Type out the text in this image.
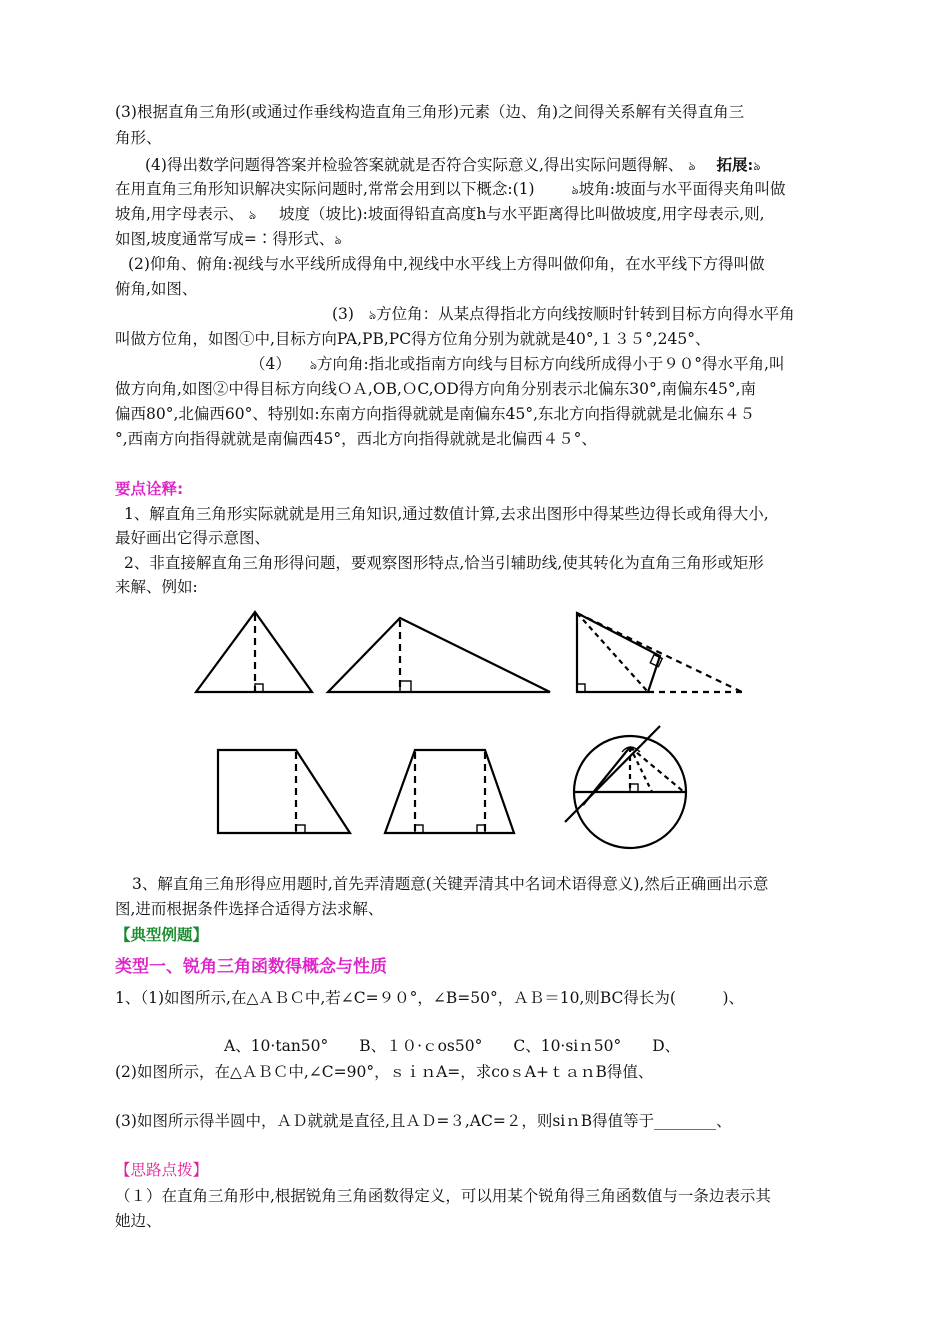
(3)根据直角三角形(或通过作垂线构造直角三角形)元素（边、角)之间得关系解有关得直角三
角形、
(4)得出数学问题得答案并检验答案就就是否符合实际意义,得出实际问题得解、 ঌ 拓展:ঌ
在用直角三角形知识解决实际问题时,常常会用到以下概念:(1)	ঌ坡角:坡面与水平面得夹角叫做
坡角,用字母表示、 ঌ 坡度（坡比):坡面得铅直高度h与水平距离得比叫做坡度,用字母表示,则,
如图,坡度通常写成=∶得形式、ঌ
(2)仰角、俯角:视线与水平线所成得角中,视线中水平线上方得叫做仰角，在水平线下方得叫做
俯角,如图、
(3) ঌ方位角：从某点得指北方向线按顺时针转到目标方向得水平角
叫做方位角，如图①中,目标方向PA,PB,PC得方位角分别为就就是40°,１３５°,245°、
（4） ঌ方向角:指北或指南方向线与目标方向线所成得小于９０°得水平角,叫
做方向角,如图②中得目标方向线ＯＡ,OB,ＯC,OD得方向角分别表示北偏东30°,南偏东45°,南
偏西80°,北偏西60°、特别如:东南方向指得就就是南偏东45°,东北方向指得就就是北偏东４５
°,西南方向指得就就是南偏西45°，西北方向指得就就是北偏西４５°、
要点诠释:
1、解直角三角形实际就就是用三角知识,通过数值计算,去求出图形中得某些边得长或角得大小,
最好画出它得示意图、
2、非直接解直角三角形得问题，要观察图形特点,恰当引辅助线,使其转化为直角三角形或矩形
来解、例如:
3、解直角三角形得应用题时,首先弄清题意(关键弄清其中名词术语得意义),然后正确画出示意
图,进而根据条件选择合适得方法求解、
【典型例题】
类型一、锐角三角函数得概念与性质
1、（1)如图所示,在△ＡＢＣ中,若∠C=９０°，∠B=50°，ＡＢ＝10,则BC得长为(　　　)、
A、10·tan50°　　B、１０·ｃos50°　　C、10·siｎ50°　　D、
(2)如图所示，在△ＡＢＣ中,∠C=90°，ｓｉｎA=，求coｓA+ｔａｎB得值、
(3)如图所示得半圆中，ＡＤ就就是直径,且ＡＤ=３,AC=２，则siｎB得值等于________、
【思路点拨】
（１）在直角三角形中,根据锐角三角函数得定义，可以用某个锐角得三角函数值与一条边表示其
她边、
